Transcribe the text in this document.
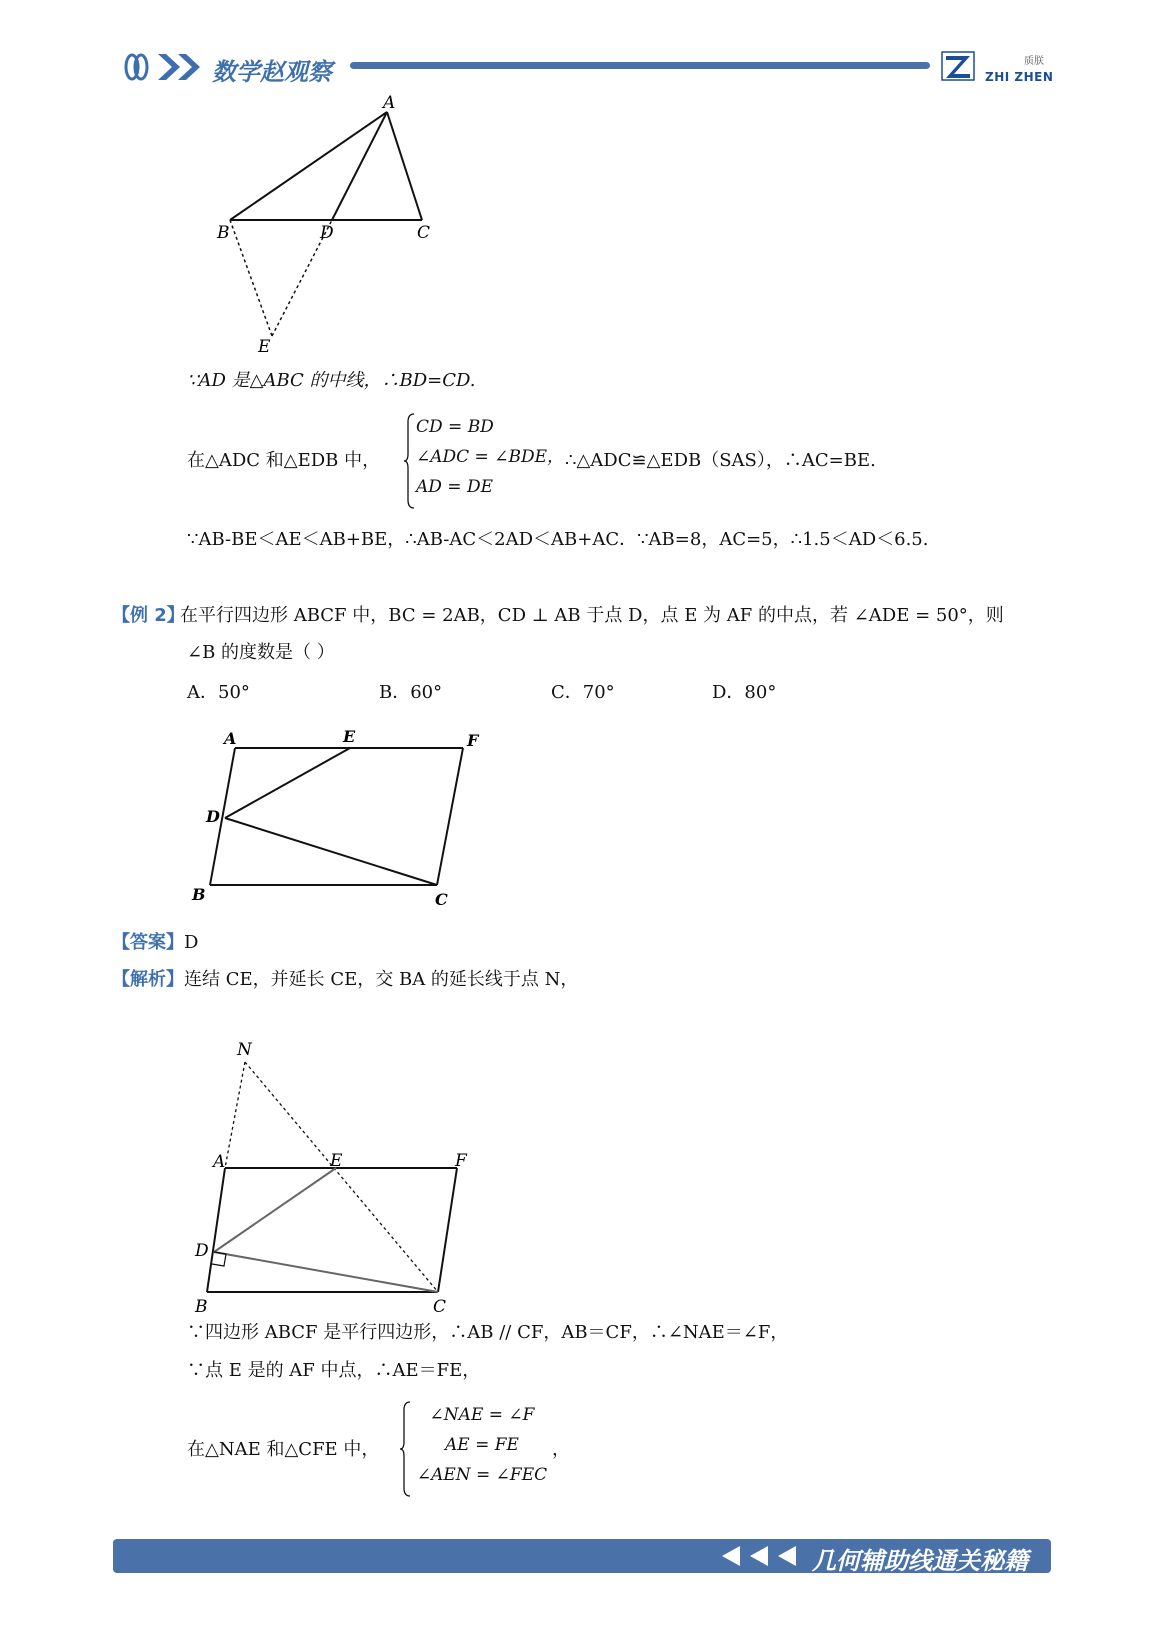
数学赵观察	质朕
ZHI ZHEN
A
B	D	C
E
∵AD 是△ABC 的中线，∴BD=CD.
在△ADC 和△EDB 中，
CD = BD
∠ADC = ∠BDE，
AD = DE
∴△ADC≌△EDB（SAS），∴AC=BE.
∵AB-BE＜AE＜AB+BE，∴AB-AC＜2AD＜AB+AC．∵AB=8，AC=5，∴1.5＜AD＜6.5.
【例 2】
在平行四边形 ABCF 中，BC = 2AB，CD ⊥ AB 于点 D，点 E 为 AF 的中点，若 ∠ADE = 50°，则
∠B 的度数是（ ）
A．50°	B．60°	C．70°	D．80°
A	E	F
D
B	C
【答案】D
【解析】连结 CE，并延长 CE，交 BA 的延长线于点 N，
N
A	E	F
D
B	C
∵四边形 ABCF 是平行四边形，∴AB // CF，AB＝CF，∴∠NAE＝∠F，
∵点 E 是的 AF 中点，∴AE＝FE，
在△NAE 和△CFE 中，
∠NAE = ∠F
AE = FE
∠AEN = ∠FEC
，
几何辅助线通关秘籍
